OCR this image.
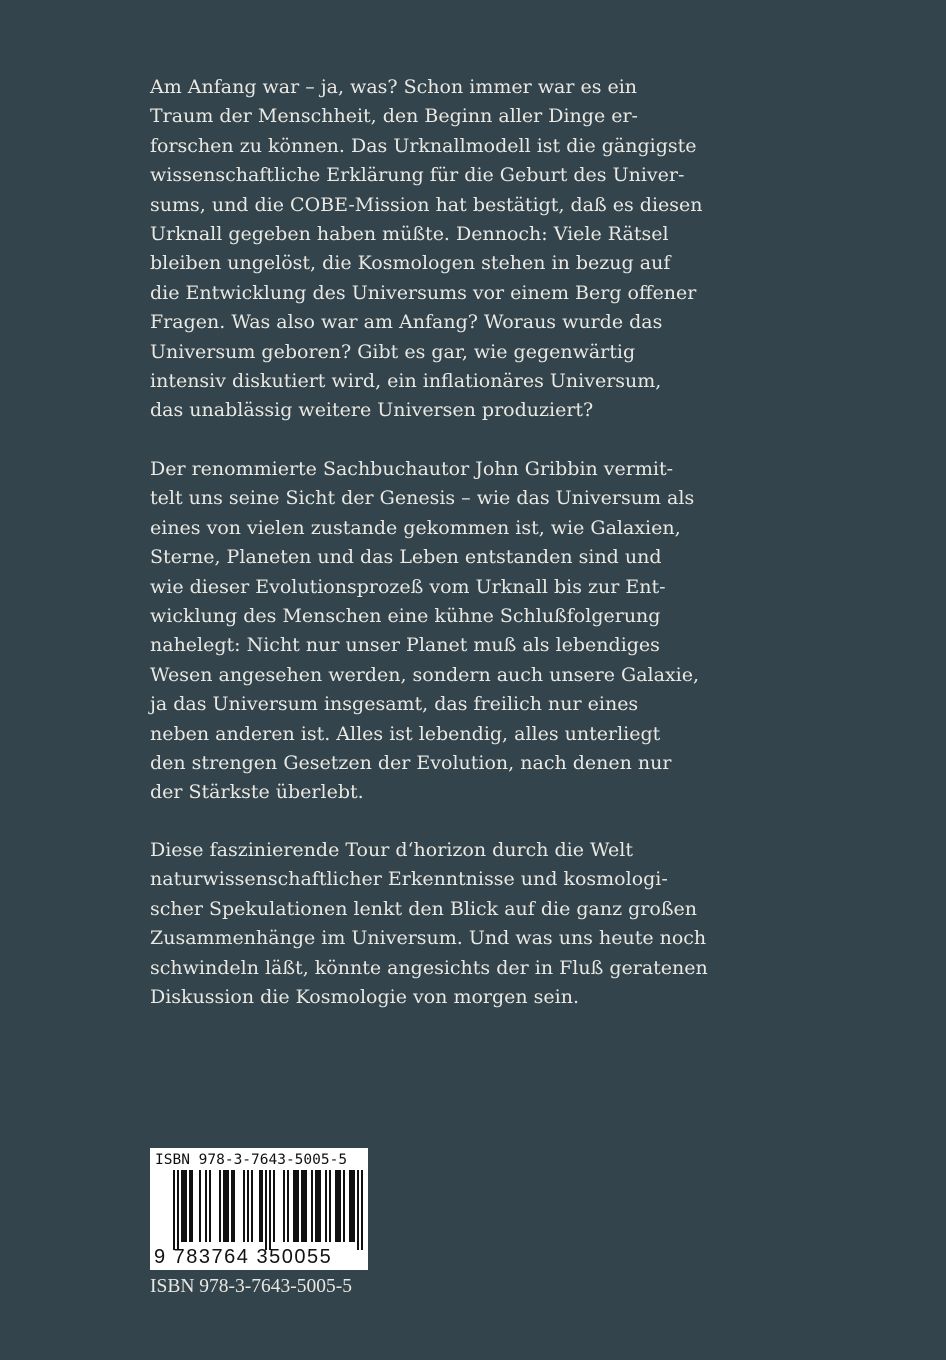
Am Anfang war – ja, was? Schon immer war es ein
Traum der Menschheit, den Beginn aller Dinge er-
forschen zu können. Das Urknallmodell ist die gängigste
wissenschaftliche Erklärung für die Geburt des Univer-
sums, und die COBE-Mission hat bestätigt, daß es diesen
Urknall gegeben haben müßte. Dennoch: Viele Rätsel
bleiben ungelöst, die Kosmologen stehen in bezug auf
die Entwicklung des Universums vor einem Berg offener
Fragen. Was also war am Anfang? Woraus wurde das
Universum geboren? Gibt es gar, wie gegenwärtig
intensiv diskutiert wird, ein inflationäres Universum,
das unablässig weitere Universen produziert?
Der renommierte Sachbuchautor John Gribbin vermit-
telt uns seine Sicht der Genesis – wie das Universum als
eines von vielen zustande gekommen ist, wie Galaxien,
Sterne, Planeten und das Leben entstanden sind und
wie dieser Evolutionsprozeß vom Urknall bis zur Ent-
wicklung des Menschen eine kühne Schlußfolgerung
nahelegt: Nicht nur unser Planet muß als lebendiges
Wesen angesehen werden, sondern auch unsere Galaxie,
ja das Universum insgesamt, das freilich nur eines
neben anderen ist. Alles ist lebendig, alles unterliegt
den strengen Gesetzen der Evolution, nach denen nur
der Stärkste überlebt.
Diese faszinierende Tour d‘horizon durch die Welt
naturwissenschaftlicher Erkenntnisse und kosmologi-
scher Spekulationen lenkt den Blick auf die ganz großen
Zusammenhänge im Universum. Und was uns heute noch
schwindeln läßt, könnte angesichts der in Fluß geratenen
Diskussion die Kosmologie von morgen sein.
ISBN 978-3-7643-5005-5
9 783764 350055
ISBN 978-3-7643-5005-5
